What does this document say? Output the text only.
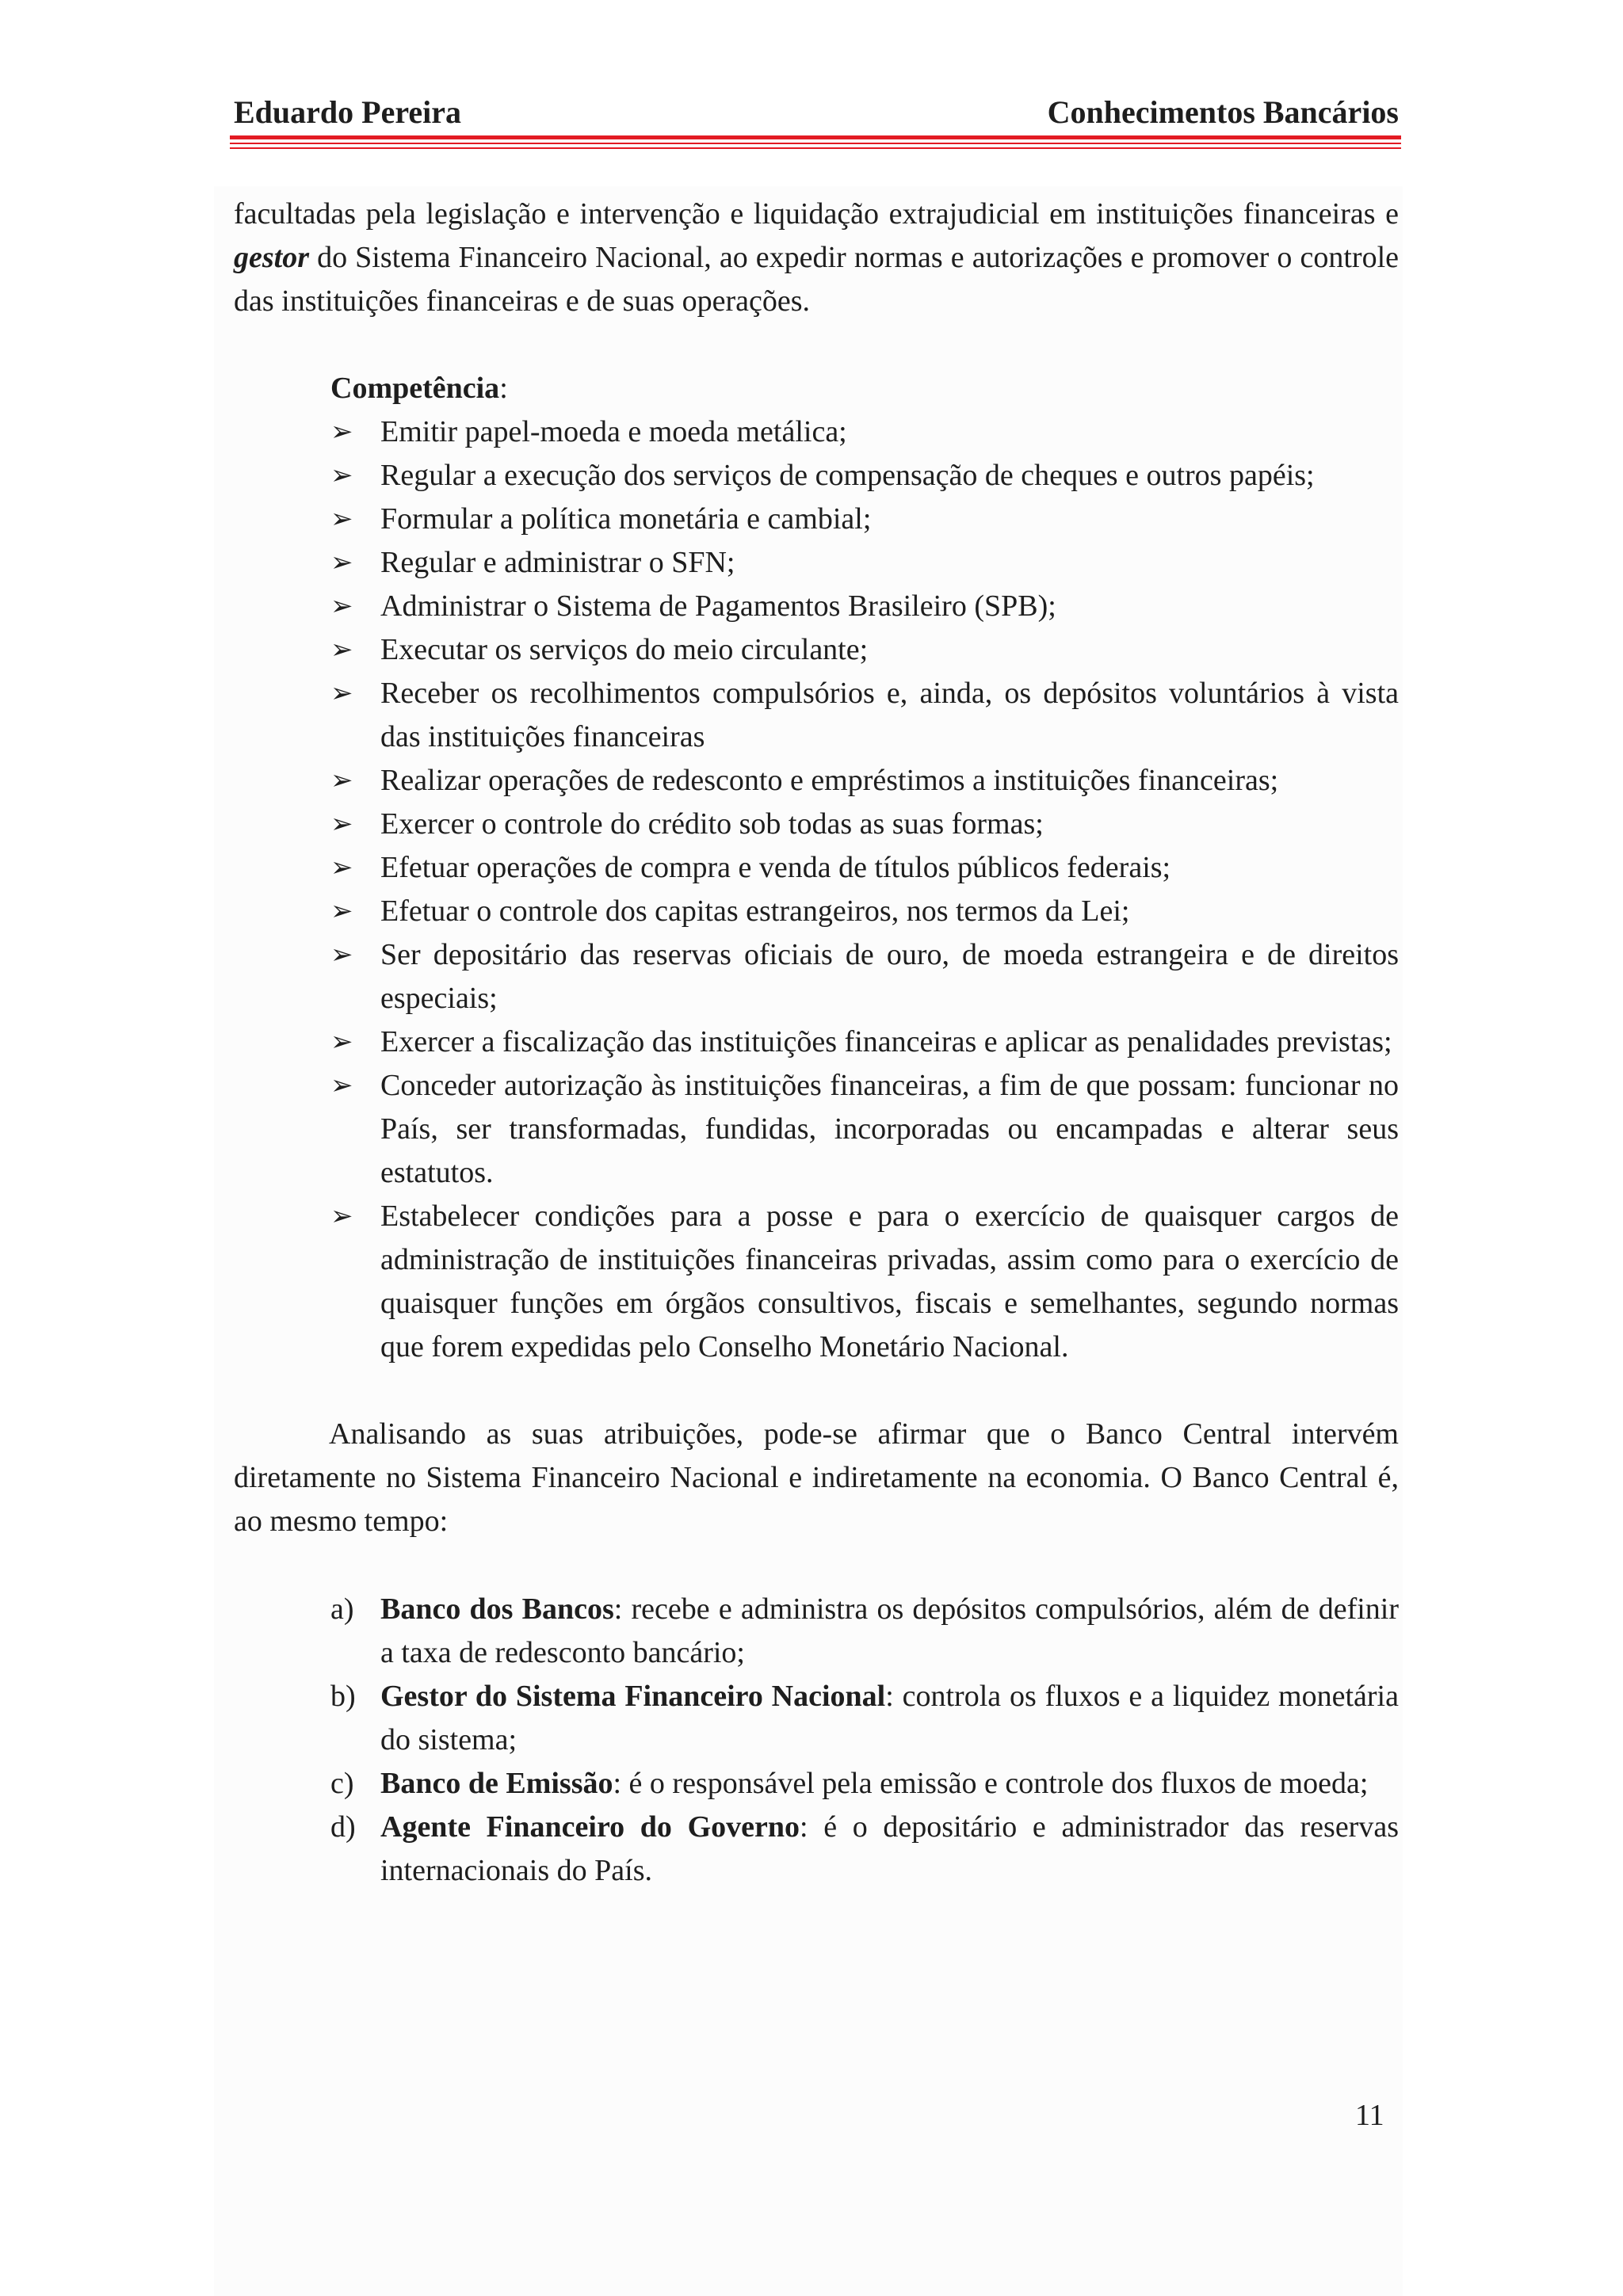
Eduardo Pereira	Conhecimentos Bancários

facultadas pela legislação e intervenção e liquidação extrajudicial em instituições financeiras e gestor do Sistema Financeiro Nacional, ao expedir normas e autorizações e promover o controle das instituições financeiras e de suas operações.

Competência:

➢ Emitir papel-moeda e moeda metálica;
➢ Regular a execução dos serviços de compensação de cheques e outros papéis;
➢ Formular a política monetária e cambial;
➢ Regular e administrar o SFN;
➢ Administrar o Sistema de Pagamentos Brasileiro (SPB);
➢ Executar os serviços do meio circulante;
➢ Receber os recolhimentos compulsórios e, ainda, os depósitos voluntários à vista das instituições financeiras
➢ Realizar operações de redesconto e empréstimos a instituições financeiras;
➢ Exercer o controle do crédito sob todas as suas formas;
➢ Efetuar operações de compra e venda de títulos públicos federais;
➢ Efetuar o controle dos capitas estrangeiros, nos termos da Lei;
➢ Ser depositário das reservas oficiais de ouro, de moeda estrangeira e de direitos especiais;
➢ Exercer a fiscalização das instituições financeiras e aplicar as penalidades previstas;
➢ Conceder autorização às instituições financeiras, a fim de que possam: funcionar no País, ser transformadas, fundidas, incorporadas ou encampadas e alterar seus estatutos.
➢ Estabelecer condições para a posse e para o exercício de quaisquer cargos de administração de instituições financeiras privadas, assim como para o exercício de quaisquer funções em órgãos consultivos, fiscais e semelhantes, segundo normas que forem expedidas pelo Conselho Monetário Nacional.

Analisando as suas atribuições, pode-se afirmar que o Banco Central intervém diretamente no Sistema Financeiro Nacional e indiretamente na economia. O Banco Central é, ao mesmo tempo:

a) Banco dos Bancos: recebe e administra os depósitos compulsórios, além de definir a taxa de redesconto bancário;
b) Gestor do Sistema Financeiro Nacional: controla os fluxos e a liquidez monetária do sistema;
c) Banco de Emissão: é o responsável pela emissão e controle dos fluxos de moeda;
d) Agente Financeiro do Governo: é o depositário e administrador das reservas internacionais do País.
11
